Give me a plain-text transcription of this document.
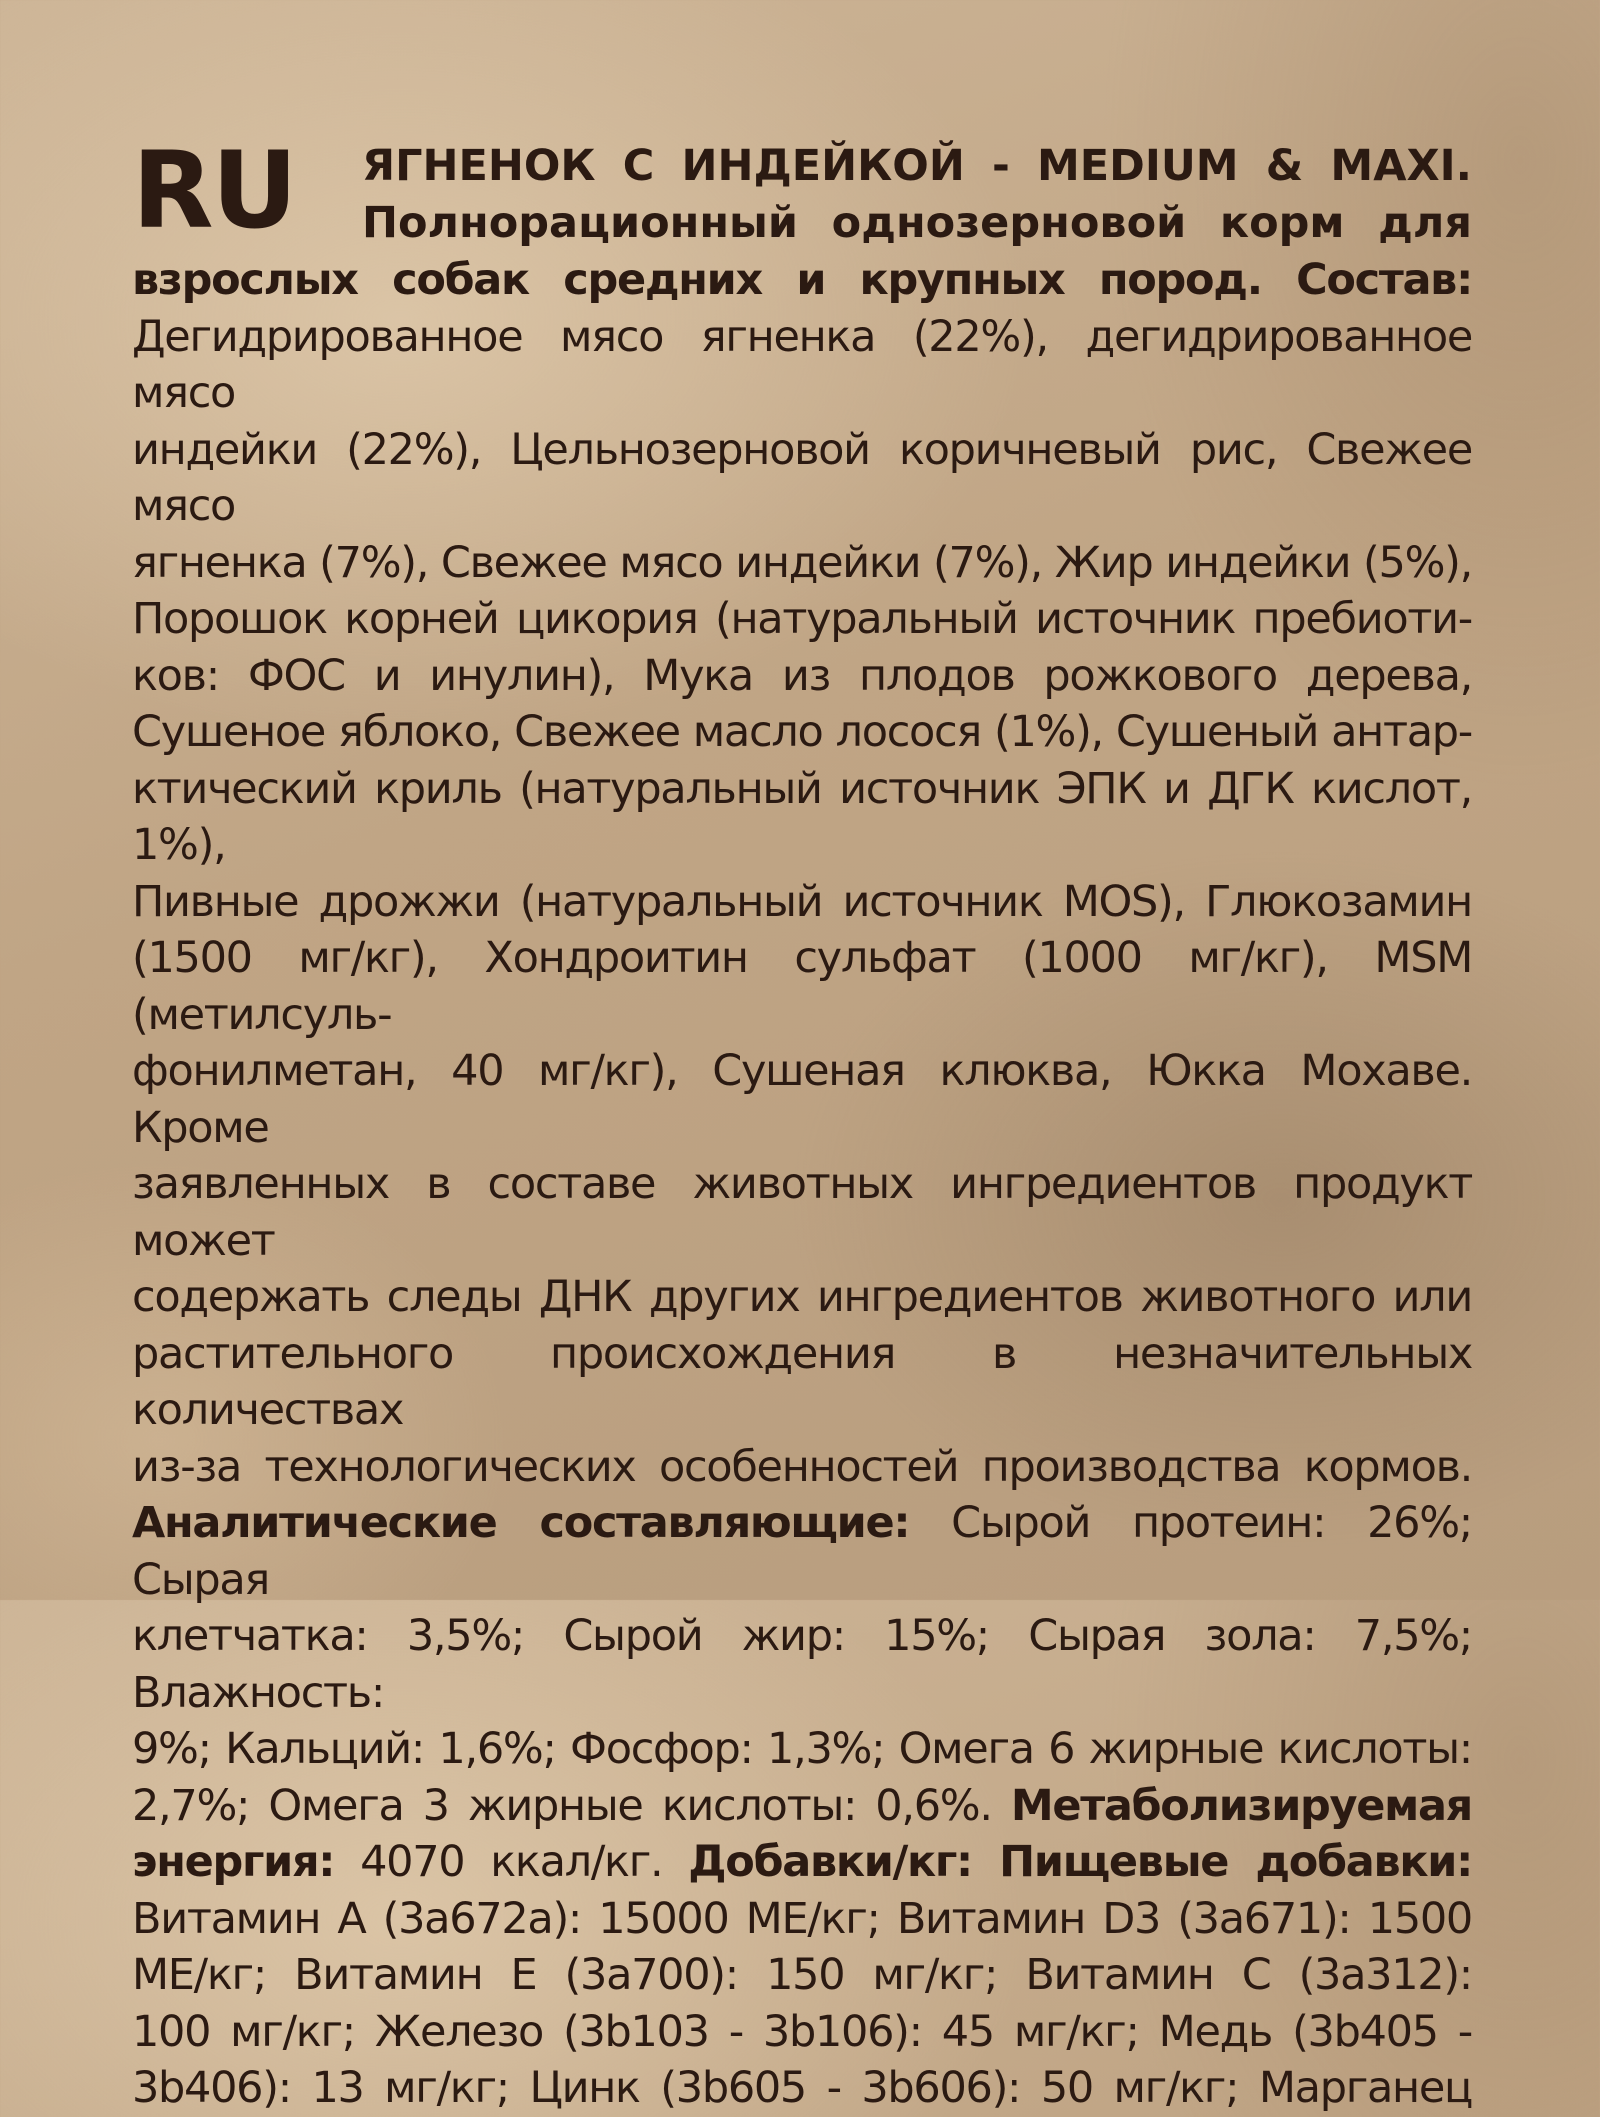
RU ЯГНЕНОК С ИНДЕЙКОЙ - MEDIUM & MAXI.
Полнорационный однозерновой корм для
взрослых собак средних и крупных пород. Состав:
Дегидрированное мясо ягненка (22%), дегидрированное мясо
индейки (22%), Цельнозерновой коричневый рис, Свежее мясо
ягненка (7%), Свежее мясо индейки (7%), Жир индейки (5%),
Порошок корней цикория (натуральный источник пребиоти-
ков: ФОС и инулин), Мука из плодов рожкового дерева,
Сушеное яблоко, Свежее масло лосося (1%), Сушеный антар-
ктический криль (натуральный источник ЭПК и ДГК кислот, 1%),
Пивные дрожжи (натуральный источник MOS), Глюкозамин
(1500 мг/кг), Хондроитин сульфат (1000 мг/кг), MSM (метилсуль-
фонилметан, 40 мг/кг), Сушеная клюква, Юкка Мохаве. Кроме
заявленных в составе животных ингредиентов продукт может
содержать следы ДНК других ингредиентов животного или
растительного происхождения в незначительных количествах
из-за технологических особенностей производства кормов.
Аналитические составляющие: Сырой протеин: 26%; Сырая
клетчатка: 3,5%; Сырой жир: 15%; Сырая зола: 7,5%; Влажность:
9%; Кальций: 1,6%; Фосфор: 1,3%; Омега 6 жирные кислоты:
2,7%; Омега 3 жирные кислоты: 0,6%. Метаболизируемая
энергия: 4070 ккал/кг. Добавки/кг: Пищевые добавки:
Витамин А (3а672а): 15000 МЕ/кг; Витамин D3 (3а671): 1500
МЕ/кг; Витамин Е (3а700): 150 мг/кг; Витамин С (3а312):
100 мг/кг; Железо (3b103 - 3b106): 45 мг/кг; Медь (3b405 -
3b406): 13 мг/кг; Цинк (3b605 - 3b606): 50 мг/кг; Марганец
